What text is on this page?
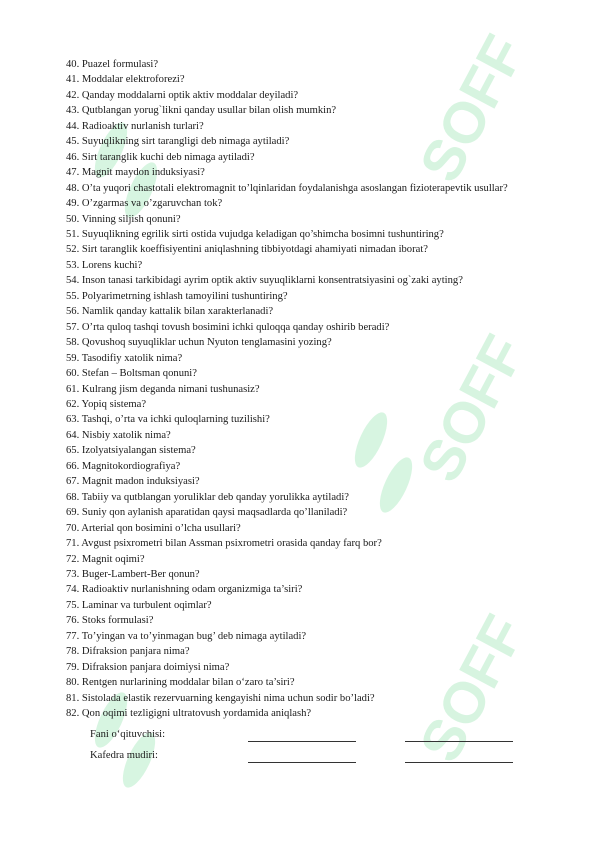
SOFF
SOFF
SOFF
40. Puazel formulasi?
41. Moddalar elektroforezi?
42. Qanday moddalarni optik aktiv moddalar deyiladi?
43. Qutblangan yorug`likni qanday usullar bilan olish mumkin?
44. Radioaktiv nurlanish turlari?
45. Suyuqlikning sirt tarangligi deb nimaga aytiladi?
46. Sirt taranglik kuchi deb nimaga aytiladi?
47. Magnit maydon induksiyasi?
48. O’ta yuqori chastotali elektromagnit to’lqinlaridan foydalanishga asoslangan fizioterapevtik usullar?
49. O’zgarmas va o’zgaruvchan tok?
50. Vinning siljish qonuni?
51. Suyuqlikning egrilik sirti ostida vujudga keladigan qo’shimcha bosimni tushuntiring?
52. Sirt taranglik koeffisiyentini aniqlashning tibbiyotdagi ahamiyati nimadan iborat?
53. Lorens kuchi?
54. Inson tanasi tarkibidagi ayrim optik aktiv suyuqliklarni konsentratsiyasini og`zaki ayting?
55. Polyarimetrning ishlash tamoyilini tushuntiring?
56. Namlik qanday kattalik bilan xarakterlanadi?
57. O’rta quloq tashqi tovush bosimini ichki quloqqa qanday oshirib beradi?
58. Qovushoq suyuqliklar uchun Nyuton tenglamasini yozing?
59. Tasodifiy xatolik nima?
60. Stefan – Boltsman qonuni?
61. Kulrang jism deganda nimani tushunasiz?
62. Yopiq sistema?
63. Tashqi, o’rta va ichki quloqlarning tuzilishi?
64. Nisbiy xatolik nima?
65. Izolyatsiyalangan sistema?
66. Magnitokordiografiya?
67. Magnit madon induksiyasi?
68. Tabiiy va qutblangan yoruliklar deb qanday yorulikka aytiladi?
69. Suniy qon aylanish aparatidan qaysi maqsadlarda qo’llaniladi?
70. Arterial qon bosimini o’lcha usullari?
71. Avgust psixrometri bilan Assman psixrometri orasida qanday farq bor?
72. Magnit oqimi?
73. Buger-Lambert-Ber qonun?
74. Radioaktiv nurlanishning odam organizmiga ta’siri?
75. Laminar va turbulent oqimlar?
76. Stoks formulasi?
77. To’yingan va to’yinmagan bug’ deb nimaga aytiladi?
78. Difraksion panjara nima?
79. Difraksion panjara doimiysi nima?
80. Rentgen nurlarining moddalar bilan o‘zaro ta’siri?
81. Sistolada elastik rezervuarning kengayishi nima uchun sodir bo’ladi?
82. Qon oqimi tezligigni ultratovush yordamida aniqlash?
Fani o‘qituvchisi:
Kafedra mudiri:
